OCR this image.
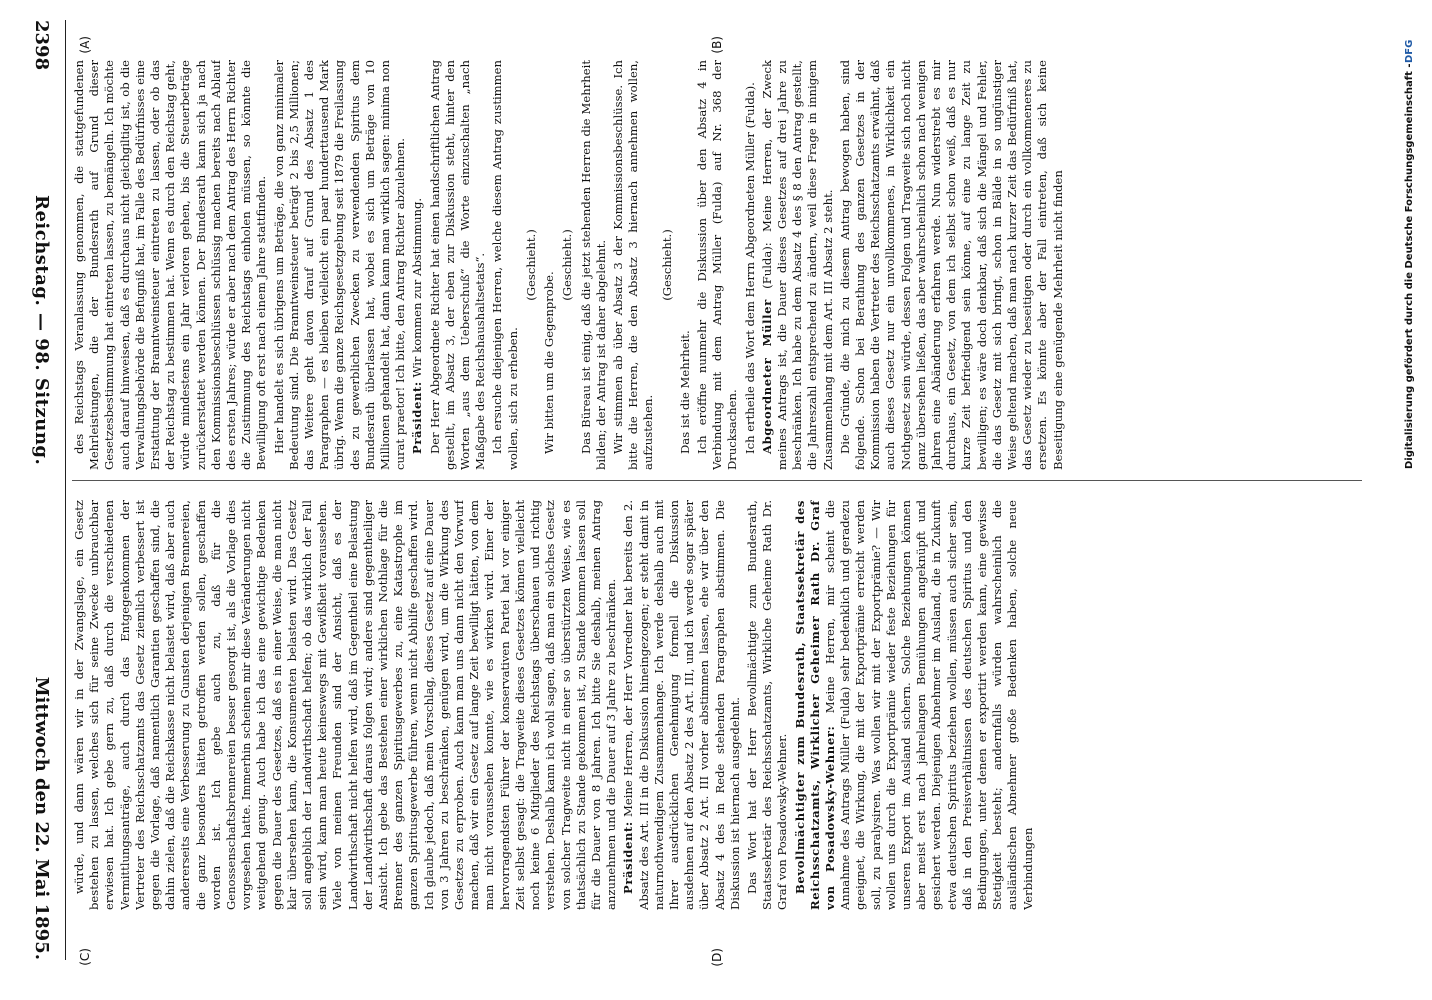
2398
Reichstag. — 98. Sitzung.
Mittwoch den 22. Mai 1895.
(A)	(B)
(C)	(D)

des Reichstags Veranlassung genommen, die stattgefundenen Mehrleistungen, die der Bundesrath auf Grund dieser Gesetzesbestimmung hat eintreten lassen, zu bemängeln. Ich möchte auch darauf hinweisen, daß es durchaus nicht gleichgiltig ist, ob die Verwaltungsbehörde die Befugniß hat, im Falle des Bedürfnisses eine Erstattung der Branntweinsteuer eintreten zu lassen, oder ob das der Reichstag zu bestimmen hat. Wenn es durch den Reichstag geht, würde mindestens ein Jahr verloren gehen, bis die Steuerbeträge zurückerstattet werden können. Der Bundesrath kann sich ja nach den Kommissionsbeschlüssen schlüssig machen bereits nach Ablauf des ersten Jahres; würde er aber nach dem Antrag des Herrn Richter die Zustimmung des Reichstags einholen müssen, so könnte die Bewilligung oft erst nach einem Jahre stattfinden. Hier handelt es sich übrigens um Beträge, die von ganz minimaler Bedeutung sind. Die Branntweinsteuer beträgt 2 bis 2,5 Millionen; das Weitere geht davon drauf auf Grund des Absatz 1 des Paragraphen — es bleiben vielleicht ein paar hunderttausend Mark übrig. Wenn die ganze Reichsgesetzgebung seit 1879 die Freilassung des zu gewerblichen Zwecken zu verwendenden Spiritus dem Bundesrath überlassen hat, wobei es sich um Beträge von 10 Millionen gehandelt hat, dann kann man wirklich sagen: minima non curat praetor! Ich bitte, den Antrag Richter abzulehnen. Präsident: Wir kommen zur Abstimmung. Der Herr Abgeordnete Richter hat einen handschriftlichen Antrag gestellt, im Absatz 3, der eben zur Diskussion steht, hinter den Worten „aus dem Ueberschuß“ die Worte einzuschalten „nach Maßgabe des Reichshaushaltsetats“. Ich ersuche diejenigen Herren, welche diesem Antrag zustimmen wollen, sich zu erheben.

(Geschieht.)

Wir bitten um die Gegenprobe.

(Geschieht.) Das Büreau ist einig, daß die jetzt stehenden Herren die Mehrheit bilden; der Antrag ist daher abgelehnt. Wir stimmen ab über Absatz 3 der Kommissionsbeschlüsse. Ich bitte die Herren, die den Absatz 3 hiernach annehmen wollen, aufzustehen.

(Geschieht.)

Das ist die Mehrheit. Ich eröffne nunmehr die Diskussion über den Absatz 4 in Verbindung mit dem Antrag Müller (Fulda) auf Nr. 368 der Drucksachen. Ich ertheile das Wort dem Herrn Abgeordneten Müller (Fulda). Abgeordneter Müller (Fulda): Meine Herren, der Zweck meines Antrags ist, die Dauer dieses Gesetzes auf drei Jahre zu beschränken. Ich habe zu dem Absatz 4 des § 8 den Antrag gestellt, die Jahreszahl entsprechend zu ändern, weil diese Frage in innigem Zusammenhang mit dem Art. III Absatz 2 steht. Die Gründe, die mich zu diesem Antrag bewogen haben, sind folgende. Schon bei Berathung des ganzen Gesetzes in der Kommission haben die Vertreter des Reichsschatzamts erwähnt, daß auch dieses Gesetz nur ein unvollkommenes, in Wirklichkeit ein Nothgesetz sein würde, dessen Folgen und Tragweite sich noch nicht ganz übersehen ließen, das aber wahrscheinlich schon nach wenigen Jahren eine Abänderung erfahren werde. Nun widerstrebt es mir durchaus, ein Gesetz, von dem ich selbst schon weiß, daß es nur kurze Zeit befriedigend sein könne, auf eine zu lange Zeit zu bewilligen; es wäre doch denkbar, daß sich die Mängel und Fehler, die das Gesetz mit sich bringt, schon in Bälde in so ungünstiger Weise geltend machen, daß man nach kurzer Zeit das Bedürfniß hat, das Gesetz wieder zu beseitigen oder durch ein vollkommeneres zu ersetzen. Es könnte aber der Fall eintreten, daß sich keine Beseitigung eine genügende Mehrheit nicht finden

würde, und dann wären wir in der Zwangslage, ein Gesetz bestehen zu lassen, welches sich für seine Zwecke unbrauchbar erwiesen hat. Ich gebe gern zu, daß durch die verschiedenen Vermittlungsanträge, auch durch das Entgegenkommen der Vertreter des Reichsschatzamts das Gesetz ziemlich verbessert ist gegen die Vorlage, daß namentlich Garantien geschaffen sind, die dahin zielen, daß die Reichskasse nicht belastet wird, daß aber auch andererseits eine Verbesserung zu Gunsten derjenigen Brennereien, die ganz besonders hätten getroffen werden sollen, geschaffen worden ist. Ich gebe auch zu, daß für die Genossenschaftsbrennereien besser gesorgt ist, als die Vorlage dies vorgesehen hatte. Immerhin scheinen mir diese Veränderungen nicht weitgehend genug. Auch habe ich das eine gewichtige Bedenken gegen die Dauer des Gesetzes, daß es in einer Weise, die man nicht klar übersehen kann, die Konsumenten belasten wird. Das Gesetz soll angeblich der Landwirthschaft helfen; ob das wirklich der Fall sein wird, kann man heute keineswegs mit Gewißheit voraussehen. Viele von meinen Freunden sind der Ansicht, daß es der Landwirthschaft nicht helfen wird, daß im Gegentheil eine Belastung der Landwirthschaft daraus folgen wird; andere sind gegentheiliger Ansicht. Ich gebe das Bestehen einer wirklichen Nothlage für die Brenner des ganzen Spiritusgewerbes zu, eine Katastrophe im ganzen Spiritusgewerbe führen, wenn nicht Abhilfe geschaffen wird. Ich glaube jedoch, daß mein Vorschlag, dieses Gesetz auf eine Dauer von 3 Jahren zu beschränken, genügen wird, um die Wirkung des Gesetzes zu erproben. Auch kann man uns dann nicht den Vorwurf machen, daß wir ein Gesetz auf lange Zeit bewilligt hätten, von dem man nicht voraussehen konnte, wie es wirken wird. Einer der hervorragendsten Führer der konservativen Partei hat vor einiger Zeit selbst gesagt: die Tragweite dieses Gesetzes können vielleicht noch keine 6 Mitglieder des Reichstags überschauen und richtig verstehen. Deshalb kann ich wohl sagen, daß man ein solches Gesetz von solcher Tragweite nicht in einer so überstürzten Weise, wie es thatsächlich zu Stande gekommen ist, zu Stande kommen lassen soll für die Dauer von 8 Jahren. Ich bitte Sie deshalb, meinen Antrag anzunehmen und die Dauer auf 3 Jahre zu beschränken. Präsident: Meine Herren, der Herr Vorredner hat bereits den 2. Absatz des Art. III in die Diskussion hineingezogen; er steht damit in naturnothwendigem Zusammenhange. Ich werde deshalb auch mit Ihrer ausdrücklichen Genehmigung formell die Diskussion ausdehnen auf den Absatz 2 des Art. III, und ich werde sogar später über Absatz 2 Art. III vorher abstimmen lassen, ehe wir über den Absatz 4 des in Rede stehenden Paragraphen abstimmen. Die Diskussion ist hiernach ausgedehnt. Das Wort hat der Herr Bevollmächtigte zum Bundesrath, Staatssekretär des Reichsschatzamts, Wirkliche Geheime Rath Dr. Graf von Posadowsky-Wehner. Bevollmächtigter zum Bundesrath, Staatssekretär des Reichsschatzamts, Wirklicher Geheimer Rath Dr. Graf von Posadowsky-Wehner: Meine Herren, mir scheint die Annahme des Antrags Müller (Fulda) sehr bedenklich und geradezu geeignet, die Wirkung, die mit der Exportprämie erreicht werden soll, zu paralysiren. Was wollen wir mit der Exportprämie? — Wir wollen uns durch die Exportprämie wieder feste Beziehungen für unseren Export im Ausland sichern. Solche Beziehungen können aber meist erst nach jahrelangen Bemühungen angeknüpft und gesichert werden. Diejenigen Abnehmer im Ausland, die in Zukunft etwa deutschen Spiritus beziehen wollen, müssen auch sicher sein, daß in den Preisverhältnissen des deutschen Spiritus und den Bedingungen, unter denen er exportirt werden kann, eine gewisse Stetigkeit besteht; andernfalls würden wahrscheinlich die ausländischen Abnehmer große Bedenken haben, solche neue Verbindungen

Digitalisierung gefördert durch die Deutsche Forschungsgemeinschaft -DFG
